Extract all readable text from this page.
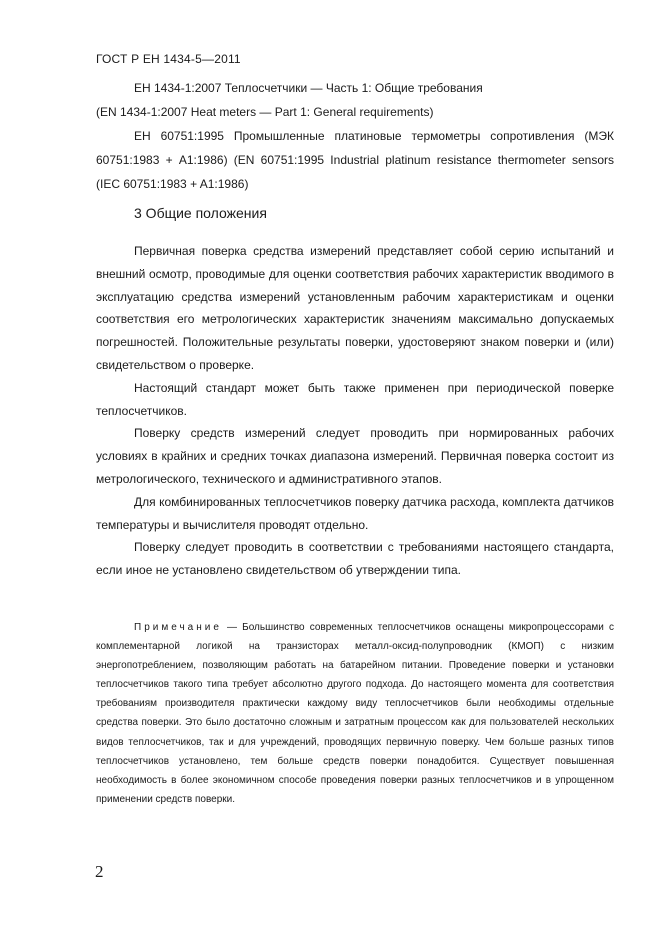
ГОСТ Р ЕН 1434-5—2011

ЕН 1434-1:2007 Теплосчетчики — Часть 1: Общие требования

(EN 1434-1:2007 Heat meters — Part 1: General requirements)

ЕН 60751:1995 Промышленные платиновые термометры сопротивления (МЭК 60751:1983 + A1:1986) (EN 60751:1995 Industrial platinum resistance thermometer sensors (IEC 60751:1983 + A1:1986)

3 Общие положения

Первичная поверка средства измерений представляет собой серию испытаний и внешний осмотр, проводимые для оценки соответствия рабочих характеристик вводимого в эксплуатацию средства измерений установленным рабочим характеристикам и оценки соответствия его метрологических характеристик значениям максимально допускаемых погрешностей. Положительные результаты поверки, удостоверяют знаком поверки и (или) свидетельством о проверке.

Настоящий стандарт может быть также применен при периодической поверке теплосчетчиков.

Поверку средств измерений следует проводить при нормированных рабочих условиях в крайних и средних точках диапазона измерений. Первичная поверка состоит из метрологического, технического и административного этапов.

Для комбинированных теплосчетчиков поверку датчика расхода, комплекта датчиков температуры и вычислителя проводят отдельно.

Поверку следует проводить в соответствии с требованиями настоящего стандарта, если иное не установлено свидетельством об утверждении типа.

Примечание — Большинство современных теплосчетчиков оснащены микропроцессорами с комплементарной логикой на транзисторах металл-оксид-полупроводник (КМОП) с низким энергопотреблением, позволяющим работать на батарейном питании. Проведение поверки и установки теплосчетчиков такого типа требует абсолютно другого подхода. До настоящего момента для соответствия требованиям производителя практически каждому виду теплосчетчиков были необходимы отдельные средства поверки. Это было достаточно сложным и затратным процессом как для пользователей нескольких видов теплосчетчиков, так и для учреждений, проводящих первичную поверку. Чем больше разных типов теплосчетчиков установлено, тем больше средств поверки понадобится. Существует повышенная необходимость в более экономичном способе проведения поверки разных теплосчетчиков и в упрощенном применении средств поверки.

2
